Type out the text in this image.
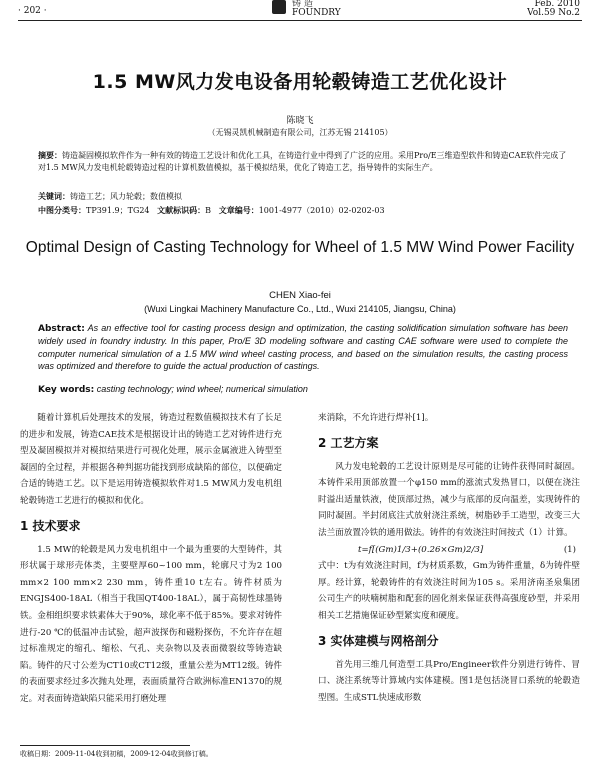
· 202 ·
铸 造
FOUNDRY
Feb. 2010
Vol.59 No.2
1.5 MW风力发电设备用轮毂铸造工艺优化设计
陈晓飞
（无锡灵凯机械制造有限公司，江苏无锡 214105）
摘要：铸造凝固模拟软件作为一种有效的铸造工艺设计和优化工具，在铸造行业中得到了广泛的应用。采用Pro/E三维造型软件和铸造CAE软件完成了对1.5 MW风力发电机轮毂铸造过程的计算机数值模拟，基于模拟结果，优化了铸造工艺，指导铸件的实际生产。
关键词：铸造工艺；风力轮毂；数值模拟
中图分类号：TP391.9；TG24 文献标识码：B 文章编号：1001-4977（2010）02-0202-03
Optimal Design of Casting Technology for Wheel of 1.5 MW Wind Power Facility
CHEN Xiao-fei
(Wuxi Lingkai Machinery Manufacture Co., Ltd., Wuxi 214105, Jiangsu, China)
Abstract: As an effective tool for casting process design and optimization, the casting solidification simulation software has been widely used in foundry industry. In this paper, Pro/E 3D modeling software and casting CAE software were used to complete the computer numerical simulation of a 1.5 MW wind wheel casting process, and based on the simulation results, the casting process was optimized and therefore to guide the actual production of castings.
Key words: casting technology; wind wheel; numerical simulation

随着计算机后处理技术的发展，铸造过程数值模拟技术有了长足的进步和发展，铸造CAE技术是根据设计出的铸造工艺对铸件进行充型及凝固模拟并对模拟结果进行可视化处理，展示金属液进入铸型至凝固的全过程，并根据各种判据功能找到形成缺陷的部位，以便确定合适的铸造工艺。以下是运用铸造模拟软件对1.5 MW风力发电机组轮毂铸造工艺进行的模拟和优化。

1 技术要求

1.5 MW的轮毂是风力发电机组中一个最为重要的大型铸件，其形状属于球形壳体类，主要壁厚60~100 mm，轮廓尺寸为2 100 mm×2 100 mm×2 230 mm，铸件重10 t左右。铸件材质为ENGJS400-18AL（相当于我国QT400-18AL），属于高韧性球墨铸铁。金相组织要求铁素体大于90%，球化率不低于85%。要求对铸件进行-20 ℃的低温冲击试验，超声波探伤和磁粉探伤，不允许存在超过标准规定的缩孔、缩松、气孔、夹杂物以及表面微裂纹等铸造缺陷。铸件的尺寸公差为CT10或CT12级，重量公差为MT12级。铸件的表面要求经过多次抛丸处理，表面质量符合欧洲标准EN1370的规定。对表面铸造缺陷只能采用打磨处理

来消除，不允许进行焊补[1]。

2 工艺方案

风力发电轮毂的工艺设计原则是尽可能的让铸件获得同时凝固。本铸件采用顶部放置一个φ150 mm的涨流式发热冒口，以便在浇注时溢出适量铁液，使顶部过热，减少与底部的反向温差，实现铸件的同时凝固。半封闭底注式放射浇注系统，树脂砂手工造型，改变三大法兰面放置冷铁的通用做法。铸件的有效浇注时间按式（1）计算。

t=f[(Gm)1/3+(0.26×Gm)2/3]	(1)

式中：t为有效浇注时间，f为材质系数，Gm为铸件重量，δ为铸件壁厚。经计算，轮毂铸件的有效浇注时间为105 s。采用济南圣泉集团公司生产的呋喃树脂和配套的固化剂来保证获得高强度砂型，并采用相关工艺措施保证砂型紧实度和硬度。

3 实体建模与网格剖分

首先用三维几何造型工具Pro/Engineer软件分别进行铸件、冒口、浇注系统等计算域内实体建模。图1是包括浇冒口系统的轮毂造型图。生成STL快速成形数

收稿日期：2009-11-04收到初稿，2009-12-04收到修订稿。
